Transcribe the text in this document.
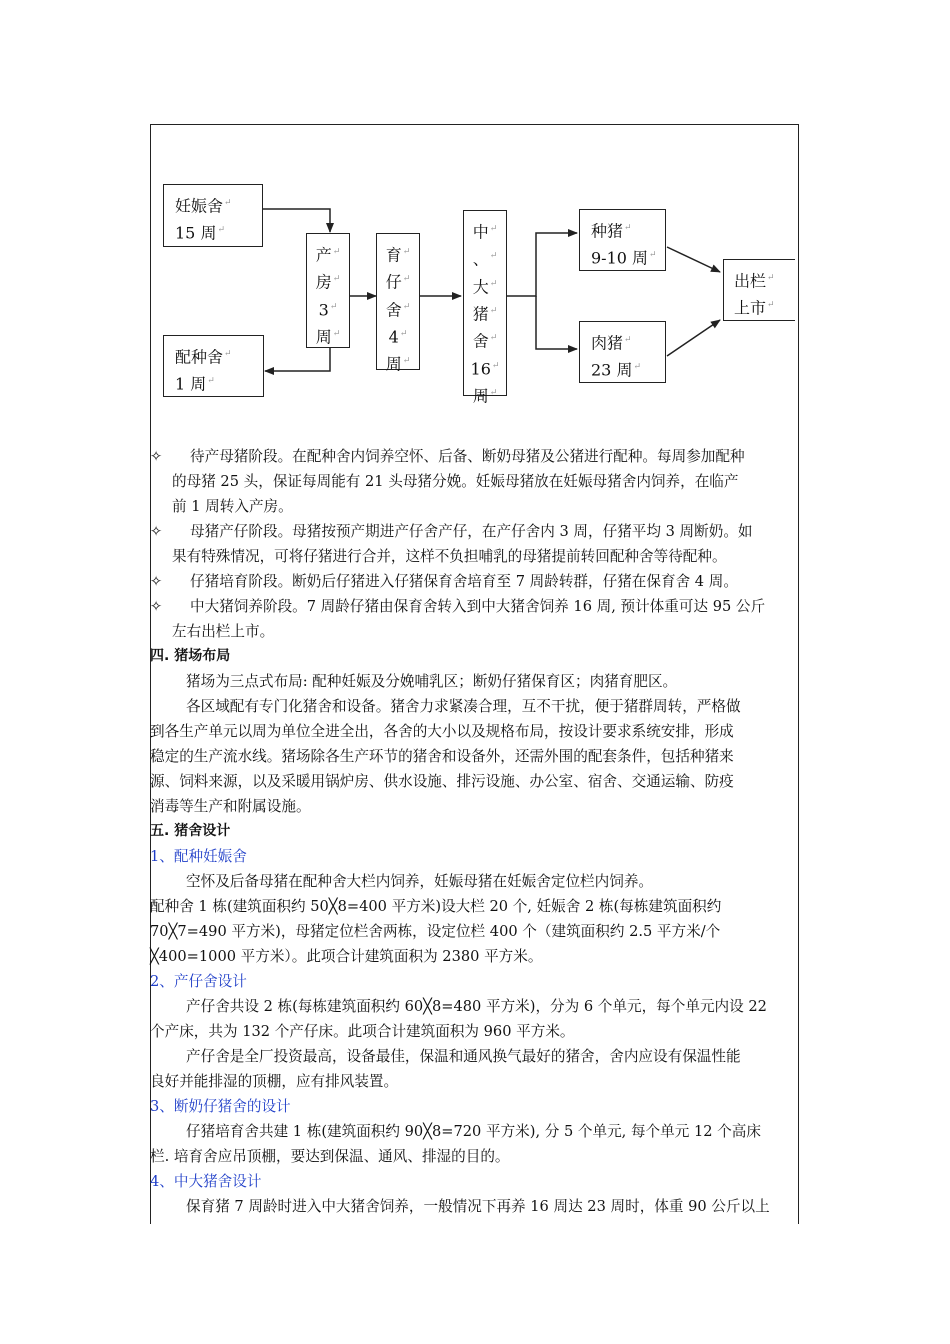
妊娠舍↵
15 周↵
配种舍↵
1 周↵
产↵
房↵
3↵
周↵
育↵
仔↵
舍↵
4↵
周↵
中↵
、↵
大↵
猪↵
舍↵
16↵
周↵
种猪↵
9-10 周↵
肉猪↵
23 周↵
出栏↵
上市↵
✧	待产母猪阶段。在配种舍内饲养空怀、后备、断奶母猪及公猪进行配种。每周参加配种
的母猪 25 头，保证每周能有 21 头母猪分娩。妊娠母猪放在妊娠母猪舍内饲养，在临产
前 1 周转入产房。
✧	母猪产仔阶段。母猪按预产期进产仔舍产仔，在产仔舍内 3 周，仔猪平均 3 周断奶。如
果有特殊情况，可将仔猪进行合并，这样不负担哺乳的母猪提前转回配种舍等待配种。
✧	仔猪培育阶段。断奶后仔猪进入仔猪保育舍培育至 7 周龄转群，仔猪在保育舍 4 周。
✧	中大猪饲养阶段。7 周龄仔猪由保育舍转入到中大猪舍饲养 16 周, 预计体重可达 95 公斤
左右出栏上市。
四. 猪场布局
猪场为三点式布局: 配种妊娠及分娩哺乳区；断奶仔猪保育区；肉猪育肥区。
各区域配有专门化猪舍和设备。猪舍力求紧凑合理，互不干扰，便于猪群周转，严格做
到各生产单元以周为单位全进全出，各舍的大小以及规格布局，按设计要求系统安排，形成
稳定的生产流水线。猪场除各生产环节的猪舍和设备外，还需外围的配套条件，包括种猪来
源、饲料来源，以及采暖用锅炉房、供水设施、排污设施、办公室、宿舍、交通运输、防疫
消毒等生产和附属设施。
五. 猪舍设计
1、配种妊娠舍
空怀及后备母猪在配种舍大栏内饲养，妊娠母猪在妊娠舍定位栏内饲养。
配种舍 1 栋(建筑面积约 50╳8=400 平方米)设大栏 20 个, 妊娠舍 2 栋(每栋建筑面积约
70╳7=490 平方米)，母猪定位栏舍两栋，设定位栏 400 个（建筑面积约 2.5 平方米/个
╳400=1000 平方米）。此项合计建筑面积为 2380 平方米。
2、产仔舍设计
产仔舍共设 2 栋(每栋建筑面积约 60╳8=480 平方米)，分为 6 个单元，每个单元内设 22
个产床，共为 132 个产仔床。此项合计建筑面积为 960 平方米。
产仔舍是全厂投资最高，设备最佳，保温和通风换气最好的猪舍，舍内应设有保温性能
良好并能排湿的顶棚，应有排风装置。
3、断奶仔猪舍的设计
仔猪培育舍共建 1 栋(建筑面积约 90╳8=720 平方米), 分 5 个单元, 每个单元 12 个高床
栏. 培育舍应吊顶棚，要达到保温、通风、排湿的目的。
4、中大猪舍设计
保育猪 7 周龄时进入中大猪舍饲养，一般情况下再养 16 周达 23 周时，体重 90 公斤以上
